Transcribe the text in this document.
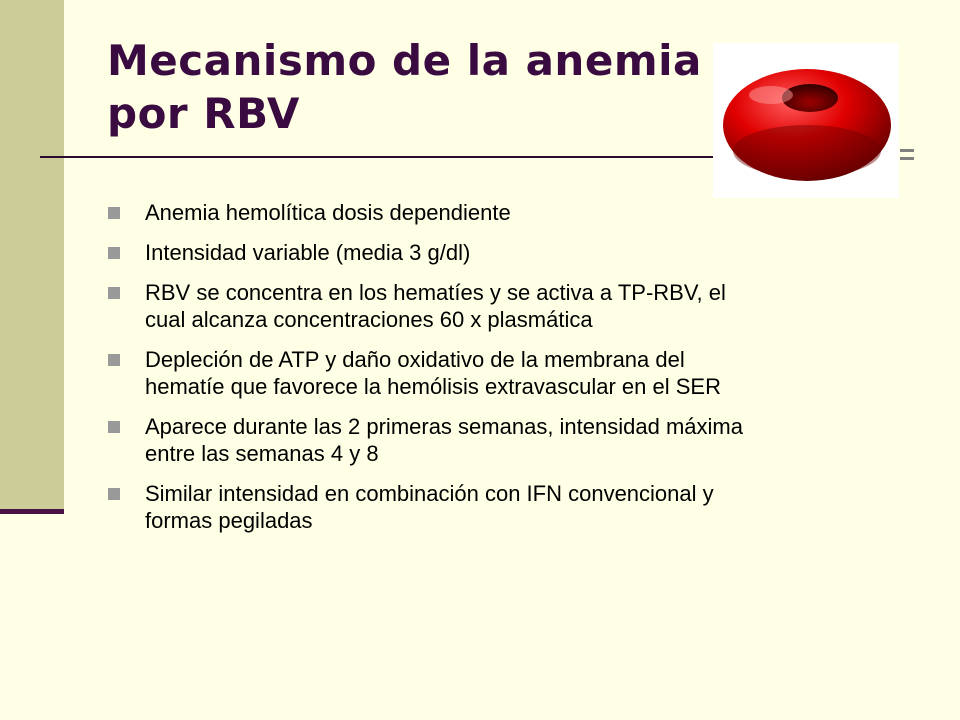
Mecanismo de la anemia
por RBV
Anemia hemolítica dosis dependiente
Intensidad variable (media 3 g/dl)
RBV se concentra en los hematíes y se activa a TP-RBV, el
cual alcanza concentraciones 60 x plasmática
Depleción de ATP y daño oxidativo de la membrana del
hematíe que favorece la hemólisis extravascular en el SER
Aparece durante las 2 primeras semanas, intensidad máxima
entre las semanas 4 y 8
Similar intensidad en combinación con IFN convencional y
formas pegiladas
